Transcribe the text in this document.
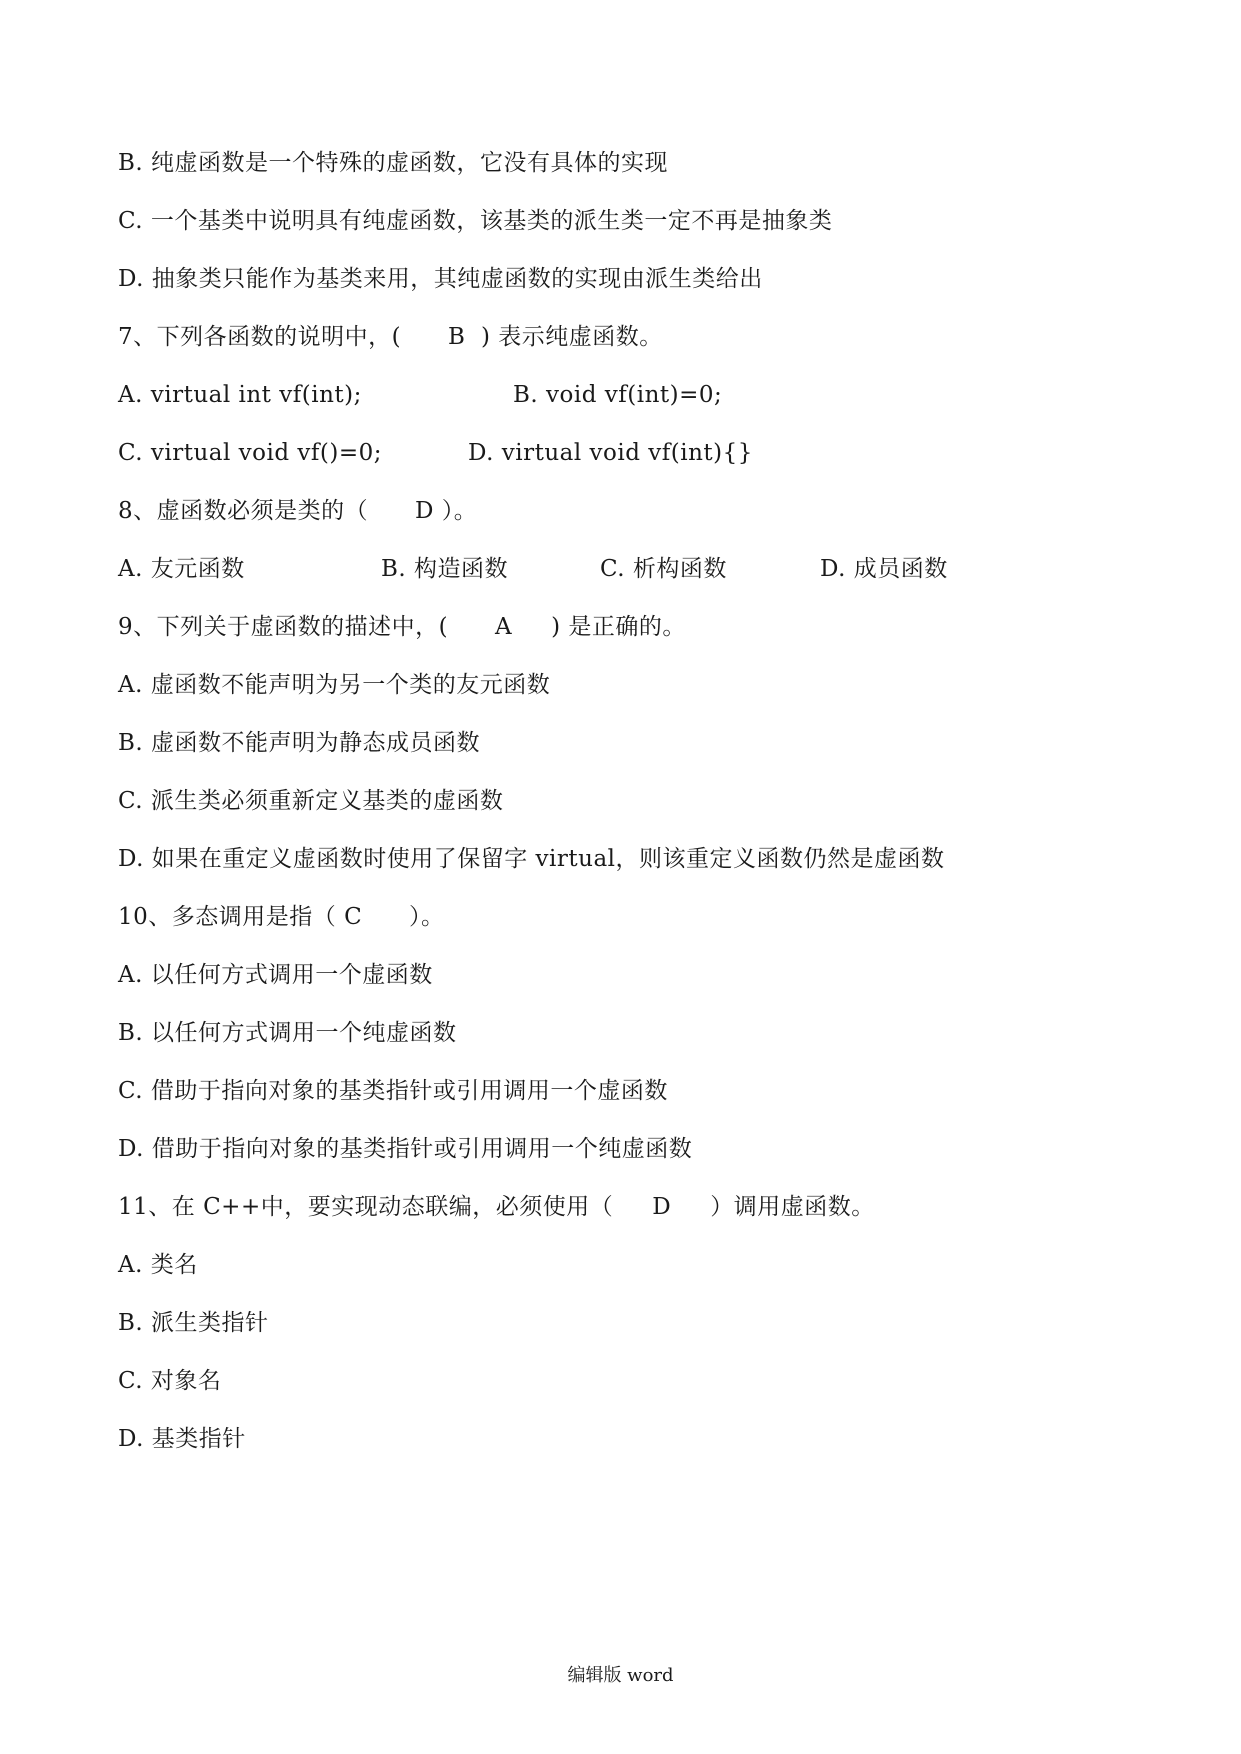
B. 纯虚函数是一个特殊的虚函数，它没有具体的实现
C. 一个基类中说明具有纯虚函数，该基类的派生类一定不再是抽象类
D. 抽象类只能作为基类来用，其纯虚函数的实现由派生类给出
7、下列各函数的说明中，(      B  ) 表示纯虚函数。
A. virtual int vf(int);	B. void vf(int)=0;
C. virtual void vf()=0;	D. virtual void vf(int){}
8、虚函数必须是类的（      D ）。
A. 友元函数	B. 构造函数	C. 析构函数	D. 成员函数
9、下列关于虚函数的描述中，(      A     ) 是正确的。
A. 虚函数不能声明为另一个类的友元函数
B. 虚函数不能声明为静态成员函数
C. 派生类必须重新定义基类的虚函数
D. 如果在重定义虚函数时使用了保留字 virtual，则该重定义函数仍然是虚函数
10、多态调用是指（ C      ）。
A. 以任何方式调用一个虚函数
B. 以任何方式调用一个纯虚函数
C. 借助于指向对象的基类指针或引用调用一个虚函数
D. 借助于指向对象的基类指针或引用调用一个纯虚函数
11、在 C++中，要实现动态联编，必须使用（     D     ）调用虚函数。
A. 类名
B. 派生类指针
C. 对象名
D. 基类指针
编辑版 word
